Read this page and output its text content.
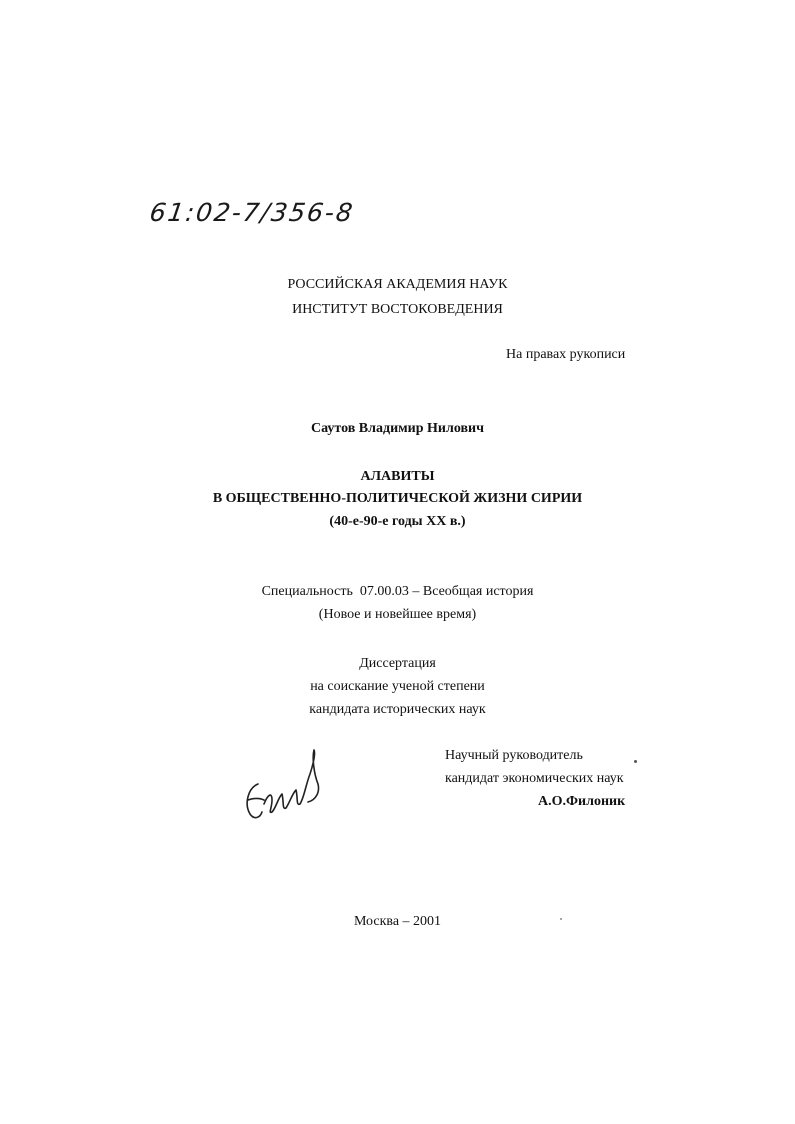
61:02-7/356-8
РОССИЙСКАЯ АКАДЕМИЯ НАУК
ИНСТИТУТ ВОСТОКОВЕДЕНИЯ
На правах рукописи
Саутов Владимир Нилович
АЛАВИТЫ
В ОБЩЕСТВЕННО-ПОЛИТИЧЕСКОЙ ЖИЗНИ СИРИИ
(40-е-90-е годы XX в.)
Специальность  07.00.03 – Всеобщая история
(Новое и новейшее время)
Диссертация
на соискание ученой степени
кандидата исторических наук
Научный руководитель
кандидат экономических наук
А.О.Филоник
Москва – 2001
